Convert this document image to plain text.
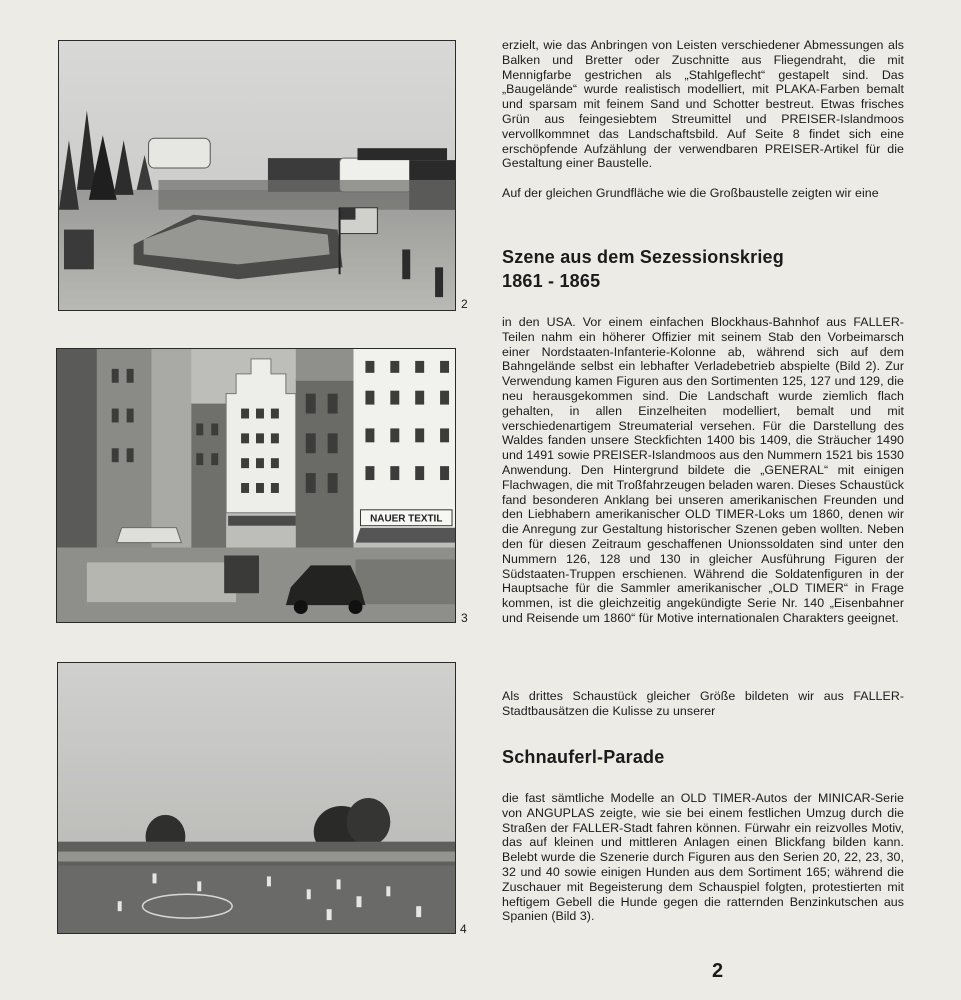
2
NAUER TEXTIL
3
4

erzielt, wie das Anbringen von Leisten verschiedener Abmessungen als Balken und Bretter oder Zuschnitte aus Fliegendraht, die mit Mennigfarbe gestrichen als „Stahlgeflecht“ gestapelt sind. Das „Baugelände“ wurde realistisch modelliert, mit PLAKA-Farben bemalt und sparsam mit feinem Sand und Schotter bestreut. Etwas frisches Grün aus feingesiebtem Streumittel und PREISER-Islandmoos vervollkommnet das Landschaftsbild. Auf Seite 8 findet sich eine erschöpfende Aufzählung der verwendbaren PREISER-Artikel für die Gestaltung einer Baustelle.

Auf der gleichen Grundfläche wie die Großbaustelle zeigten wir eine

Szene aus dem Sezessionskrieg 1861 - 1865

in den USA. Vor einem einfachen Blockhaus-Bahnhof aus FALLER-Teilen nahm ein höherer Offizier mit seinem Stab den Vorbeimarsch einer Nordstaaten-Infanterie-Kolonne ab, während sich auf dem Bahngelände selbst ein lebhafter Verladebetrieb abspielte (Bild 2). Zur Verwendung kamen Figuren aus den Sortimenten 125, 127 und 129, die neu herausgekommen sind. Die Landschaft wurde ziemlich flach gehalten, in allen Einzelheiten modelliert, bemalt und mit verschiedenartigem Streumaterial versehen. Für die Darstellung des Waldes fanden unsere Steckfichten 1400 bis 1409, die Sträucher 1490 und 1491 sowie PREISER-Islandmoos aus den Nummern 1521 bis 1530 Anwendung. Den Hintergrund bildete die „GENERAL“ mit einigen Flachwagen, die mit Troßfahrzeugen beladen waren. Dieses Schaustück fand besonderen Anklang bei unseren amerikanischen Freunden und den Liebhabern amerikanischer OLD TIMER-Loks um 1860, denen wir die Anregung zur Gestaltung historischer Szenen geben wollten. Neben den für diesen Zeitraum geschaffenen Unionssoldaten sind unter den Nummern 126, 128 und 130 in gleicher Ausführung Figuren der Südstaaten-Truppen erschienen. Während die Soldatenfiguren in der Hauptsache für die Sammler amerikanischer „OLD TIMER“ in Frage kommen, ist die gleichzeitig angekündigte Serie Nr. 140 „Eisenbahner und Reisende um 1860“ für Motive internationalen Charakters geeignet.

Als drittes Schaustück gleicher Größe bildeten wir aus FALLER-Stadtbausätzen die Kulisse zu unserer

Schnauferl-Parade

die fast sämtliche Modelle an OLD TIMER-Autos der MINICAR-Serie von ANGUPLAS zeigte, wie sie bei einem festlichen Umzug durch die Straßen der FALLER-Stadt fahren können. Fürwahr ein reizvolles Motiv, das auf kleinen und mittleren Anlagen einen Blickfang bilden kann. Belebt wurde die Szenerie durch Figuren aus den Serien 20, 22, 23, 30, 32 und 40 sowie einigen Hunden aus dem Sortiment 165; während die Zuschauer mit Begeisterung dem Schauspiel folgten, protestierten mit heftigem Gebell die Hunde gegen die ratternden Benzinkutschen aus Spanien (Bild 3).

2
